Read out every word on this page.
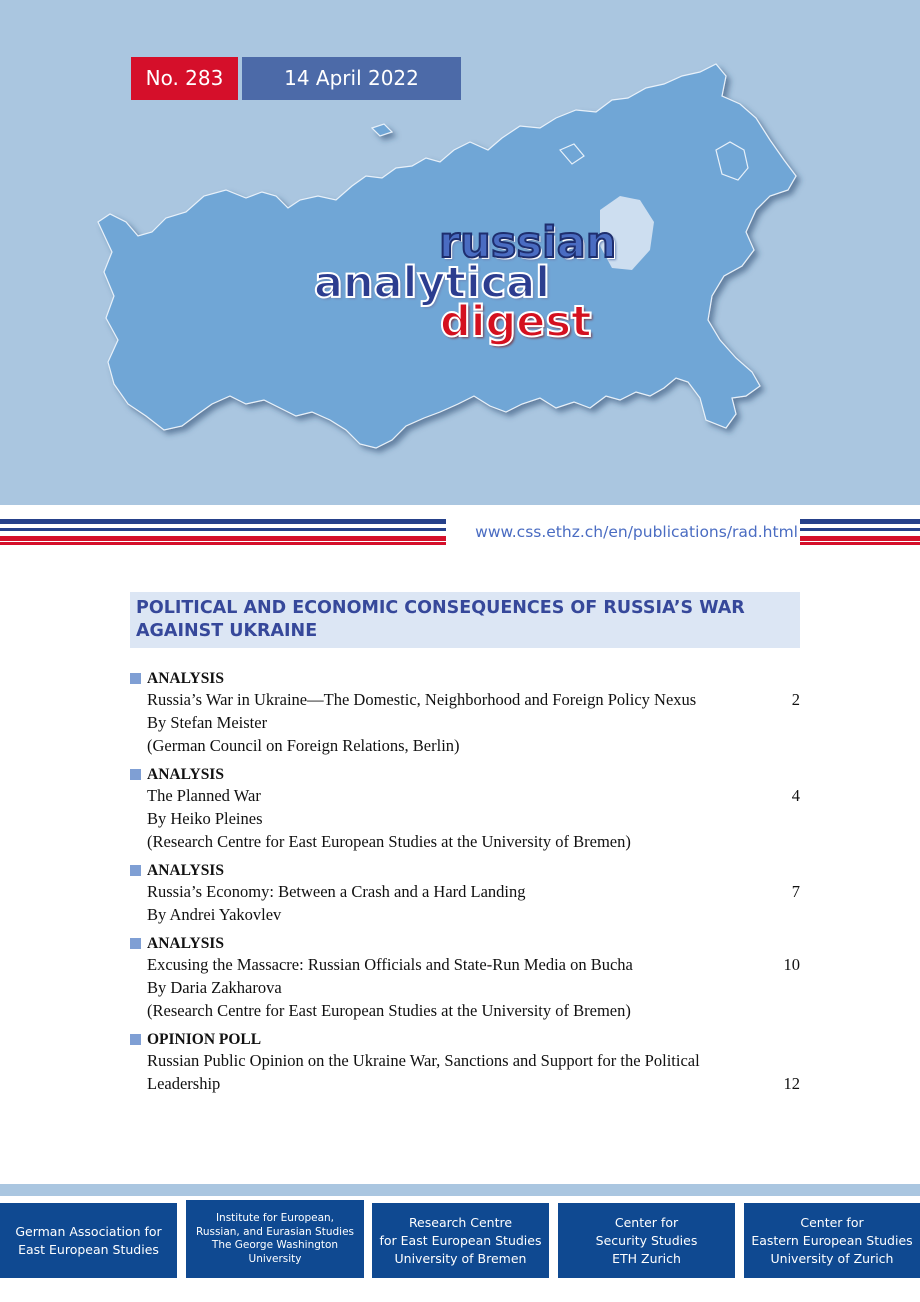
No. 283	14 April 2022
russian
analytical
digest
www.css.ethz.ch/en/publications/rad.html
POLITICAL AND ECONOMIC CONSEQUENCES OF RUSSIA’S WAR AGAINST UKRAINE
ANALYSIS
Russia’s War in Ukraine—The Domestic, Neighborhood and Foreign Policy Nexus	2
By Stefan Meister
(German Council on Foreign Relations, Berlin)
ANALYSIS
The Planned War	4
By Heiko Pleines
(Research Centre for East European Studies at the University of Bremen)
ANALYSIS
Russia’s Economy: Between a Crash and a Hard Landing	7
By Andrei Yakovlev
ANALYSIS
Excusing the Massacre: Russian Officials and State-Run Media on Bucha	10
By Daria Zakharova
(Research Centre for East European Studies at the University of Bremen)
OPINION POLL
Russian Public Opinion on the Ukraine War, Sanctions and Support for the Political
Leadership	12
German Association for
East European Studies
Institute for European,
Russian, and Eurasian Studies
The George Washington
University
Research Centre
for East European Studies
University of Bremen
Center for
Security Studies
ETH Zurich
Center for
Eastern European Studies
University of Zurich
